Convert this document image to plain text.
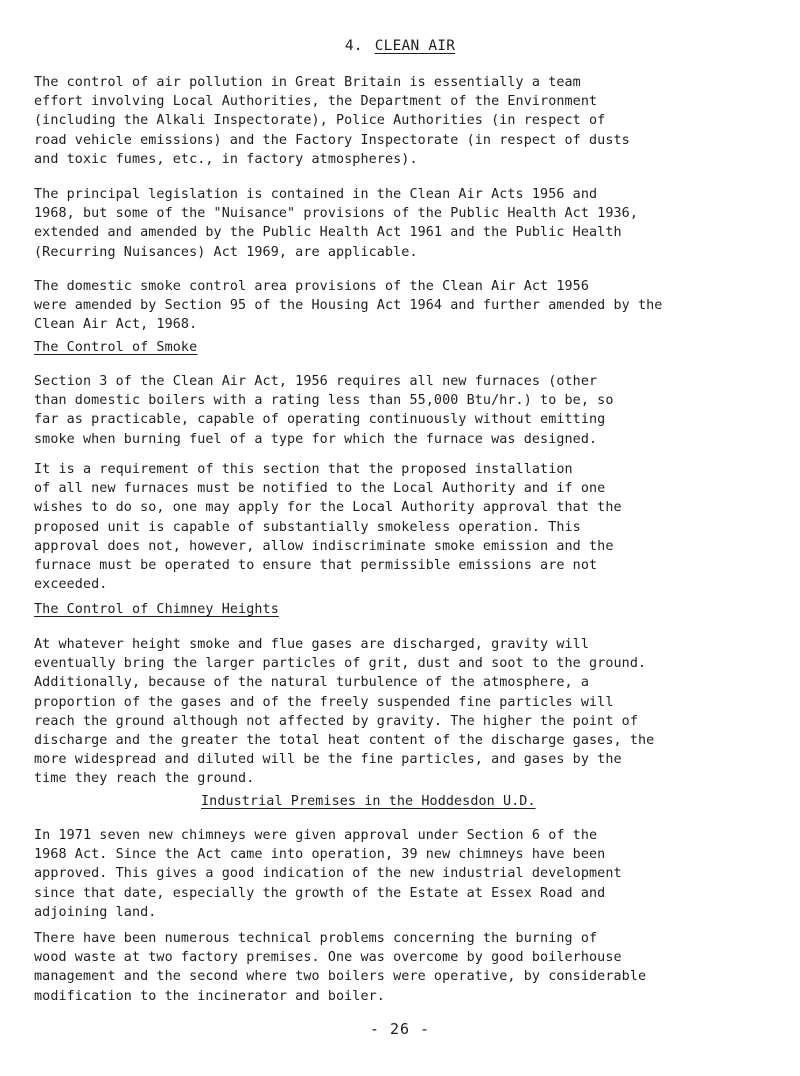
4. CLEAN AIR

The control of air pollution in Great Britain is essentially a team
effort involving Local Authorities, the Department of the Environment
(including the Alkali Inspectorate), Police Authorities (in respect of
road vehicle emissions) and the Factory Inspectorate (in respect of dusts
and toxic fumes, etc., in factory atmospheres).

The principal legislation is contained in the Clean Air Acts 1956 and
1968, but some of the "Nuisance" provisions of the Public Health Act 1936,
extended and amended by the Public Health Act 1961 and the Public Health
(Recurring Nuisances) Act 1969, are applicable.

The domestic smoke control area provisions of the Clean Air Act 1956
were amended by Section 95 of the Housing Act 1964 and further amended by the
Clean Air Act, 1968.

The Control of Smoke

Section 3 of the Clean Air Act, 1956 requires all new furnaces (other
than domestic boilers with a rating less than 55,000 Btu/hr.) to be, so
far as practicable, capable of operating continuously without emitting
smoke when burning fuel of a type for which the furnace was designed.

It is a requirement of this section that the proposed installation
of all new furnaces must be notified to the Local Authority and if one
wishes to do so, one may apply for the Local Authority approval that the
proposed unit is capable of substantially smokeless operation. This
approval does not, however, allow indiscriminate smoke emission and the
furnace must be operated to ensure that permissible emissions are not
exceeded.

The Control of Chimney Heights

At whatever height smoke and flue gases are discharged, gravity will
eventually bring the larger particles of grit, dust and soot to the ground.
Additionally, because of the natural turbulence of the atmosphere, a
proportion of the gases and of the freely suspended fine particles will
reach the ground although not affected by gravity. The higher the point of
discharge and the greater the total heat content of the discharge gases, the
more widespread and diluted will be the fine particles, and gases by the
time they reach the ground.

Industrial Premises in the Hoddesdon U.D.

In 1971 seven new chimneys were given approval under Section 6 of the
1968 Act. Since the Act came into operation, 39 new chimneys have been
approved. This gives a good indication of the new industrial development
since that date, especially the growth of the Estate at Essex Road and
adjoining land.

There have been numerous technical problems concerning the burning of
wood waste at two factory premises. One was overcome by good boilerhouse
management and the second where two boilers were operative, by considerable
modification to the incinerator and boiler.

- 26 -
